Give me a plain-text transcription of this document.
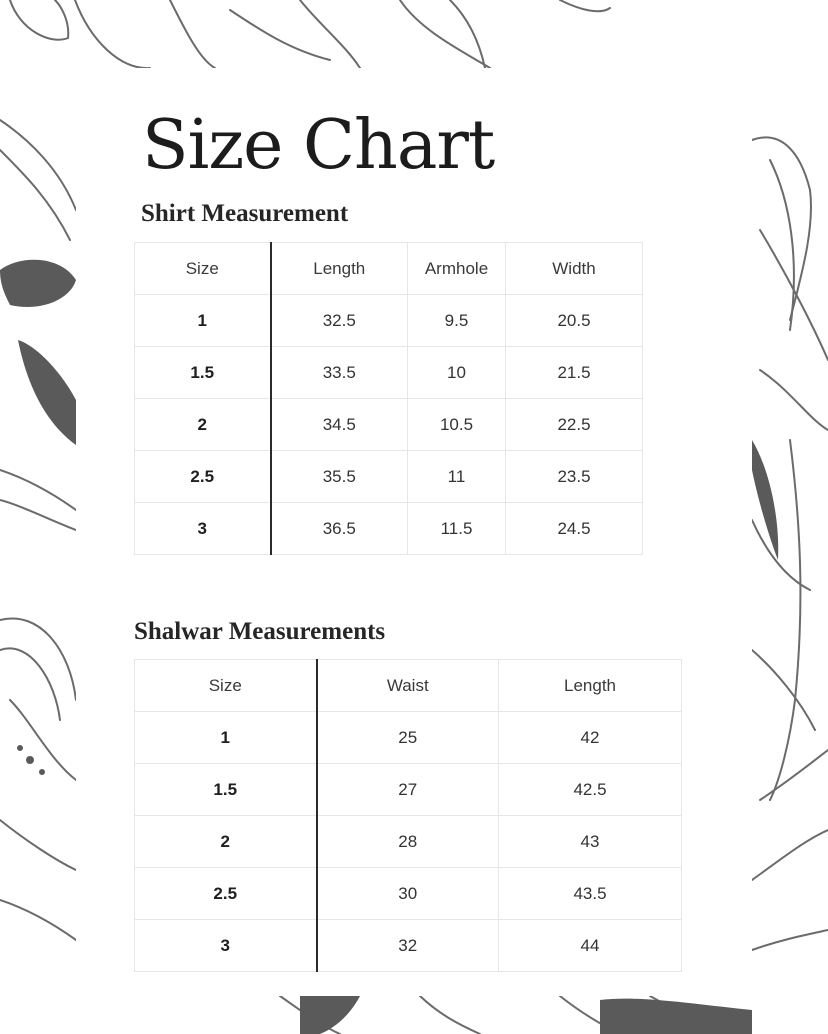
Size Chart
Shirt Measurement
Size	Length	Armhole	Width
1	32.5	9.5	20.5
1.5	33.5	10	21.5
2	34.5	10.5	22.5
2.5	35.5	11	23.5
3	36.5	11.5	24.5
Shalwar Measurements
Size	Waist	Length
1	25	42
1.5	27	42.5
2	28	43
2.5	30	43.5
3	32	44
